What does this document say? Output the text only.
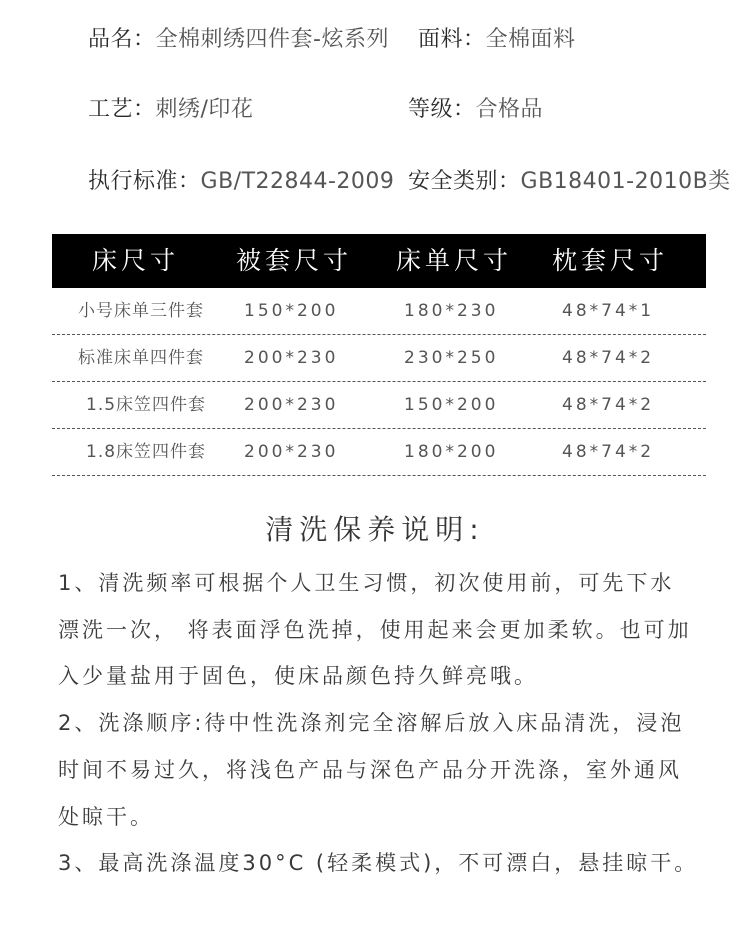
品名：全棉刺绣四件套-炫系列 面料：全棉面料
工艺：刺绣/印花	等级：合格品
执行标准：GB/T22844-2009 安全类别：GB18401-2010B类
床尺寸 被套尺寸 床单尺寸 枕套尺寸
小号床单三件套 150*200	180*230	48*74*1
标准床单四件套 200*230	230*250	48*74*2
1.5床笠四件套 200*230	150*200	48*74*2
1.8床笠四件套 200*230	180*200	48*74*2
清洗保养说明:
1、清洗频率可根据个人卫生习惯，初次使用前，可先下水
漂洗一次， 将表面浮色洗掉，使用起来会更加柔软。也可加
入少量盐用于固色，使床品颜色持久鲜亮哦。
2、洗涤顺序:待中性洗涤剂完全溶解后放入床品清洗，浸泡
时间不易过久，将浅色产品与深色产品分开洗涤，室外通风
处晾干。
3、最高洗涤温度30°C (轻柔模式)，不可漂白，悬挂晾干。
